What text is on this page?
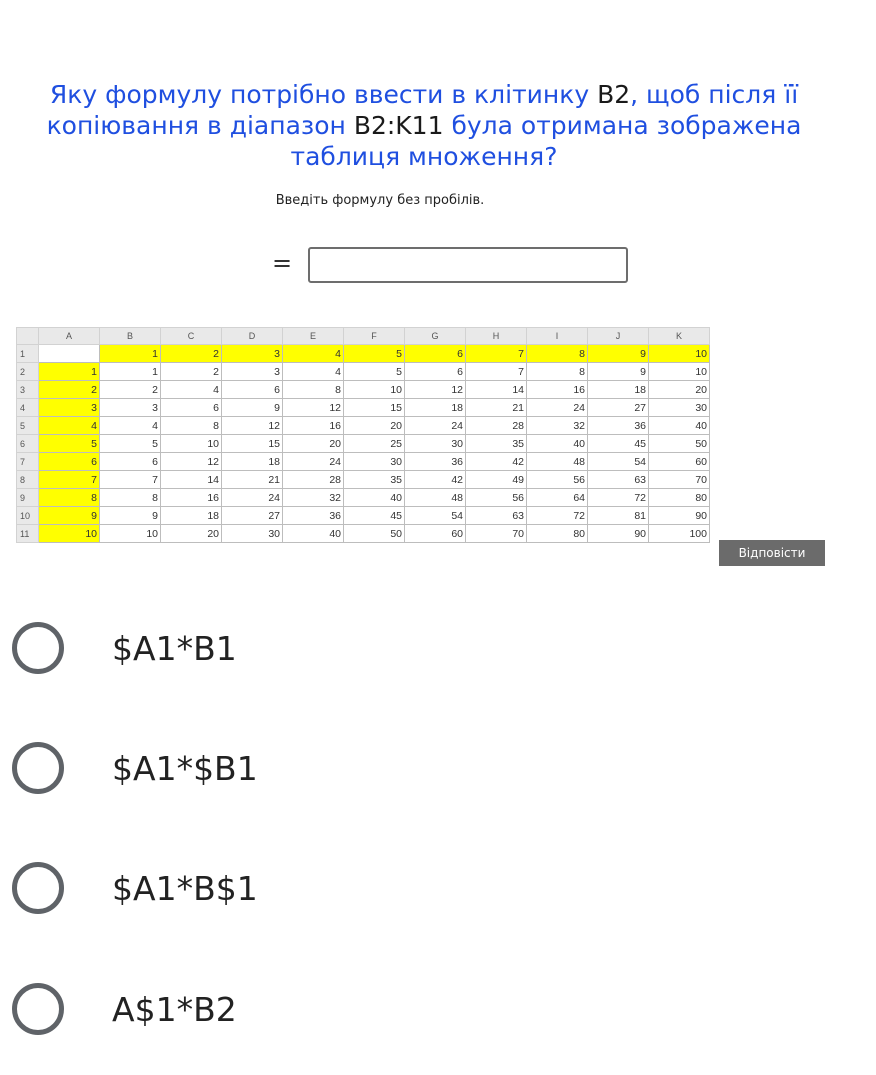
Яку формулу потрібно ввести в клітинку B2, щоб після її копіювання в діапазон B2:K11 була отримана зображена таблиця множення?
Введіть формулу без пробілів.
=
	A	B	C	D	E	F	G	H	I	J	K
1		1	2	3	4	5	6	7	8	9	10
2	1	1	2	3	4	5	6	7	8	9	10
3	2	2	4	6	8	10	12	14	16	18	20
4	3	3	6	9	12	15	18	21	24	27	30
5	4	4	8	12	16	20	24	28	32	36	40
6	5	5	10	15	20	25	30	35	40	45	50
7	6	6	12	18	24	30	36	42	48	54	60
8	7	7	14	21	28	35	42	49	56	63	70
9	8	8	16	24	32	40	48	56	64	72	80
10	9	9	18	27	36	45	54	63	72	81	90
11	10	10	20	30	40	50	60	70	80	90	100
Відповісти
$A1*B1
$A1*$B1
$A1*B$1
A$1*B2
